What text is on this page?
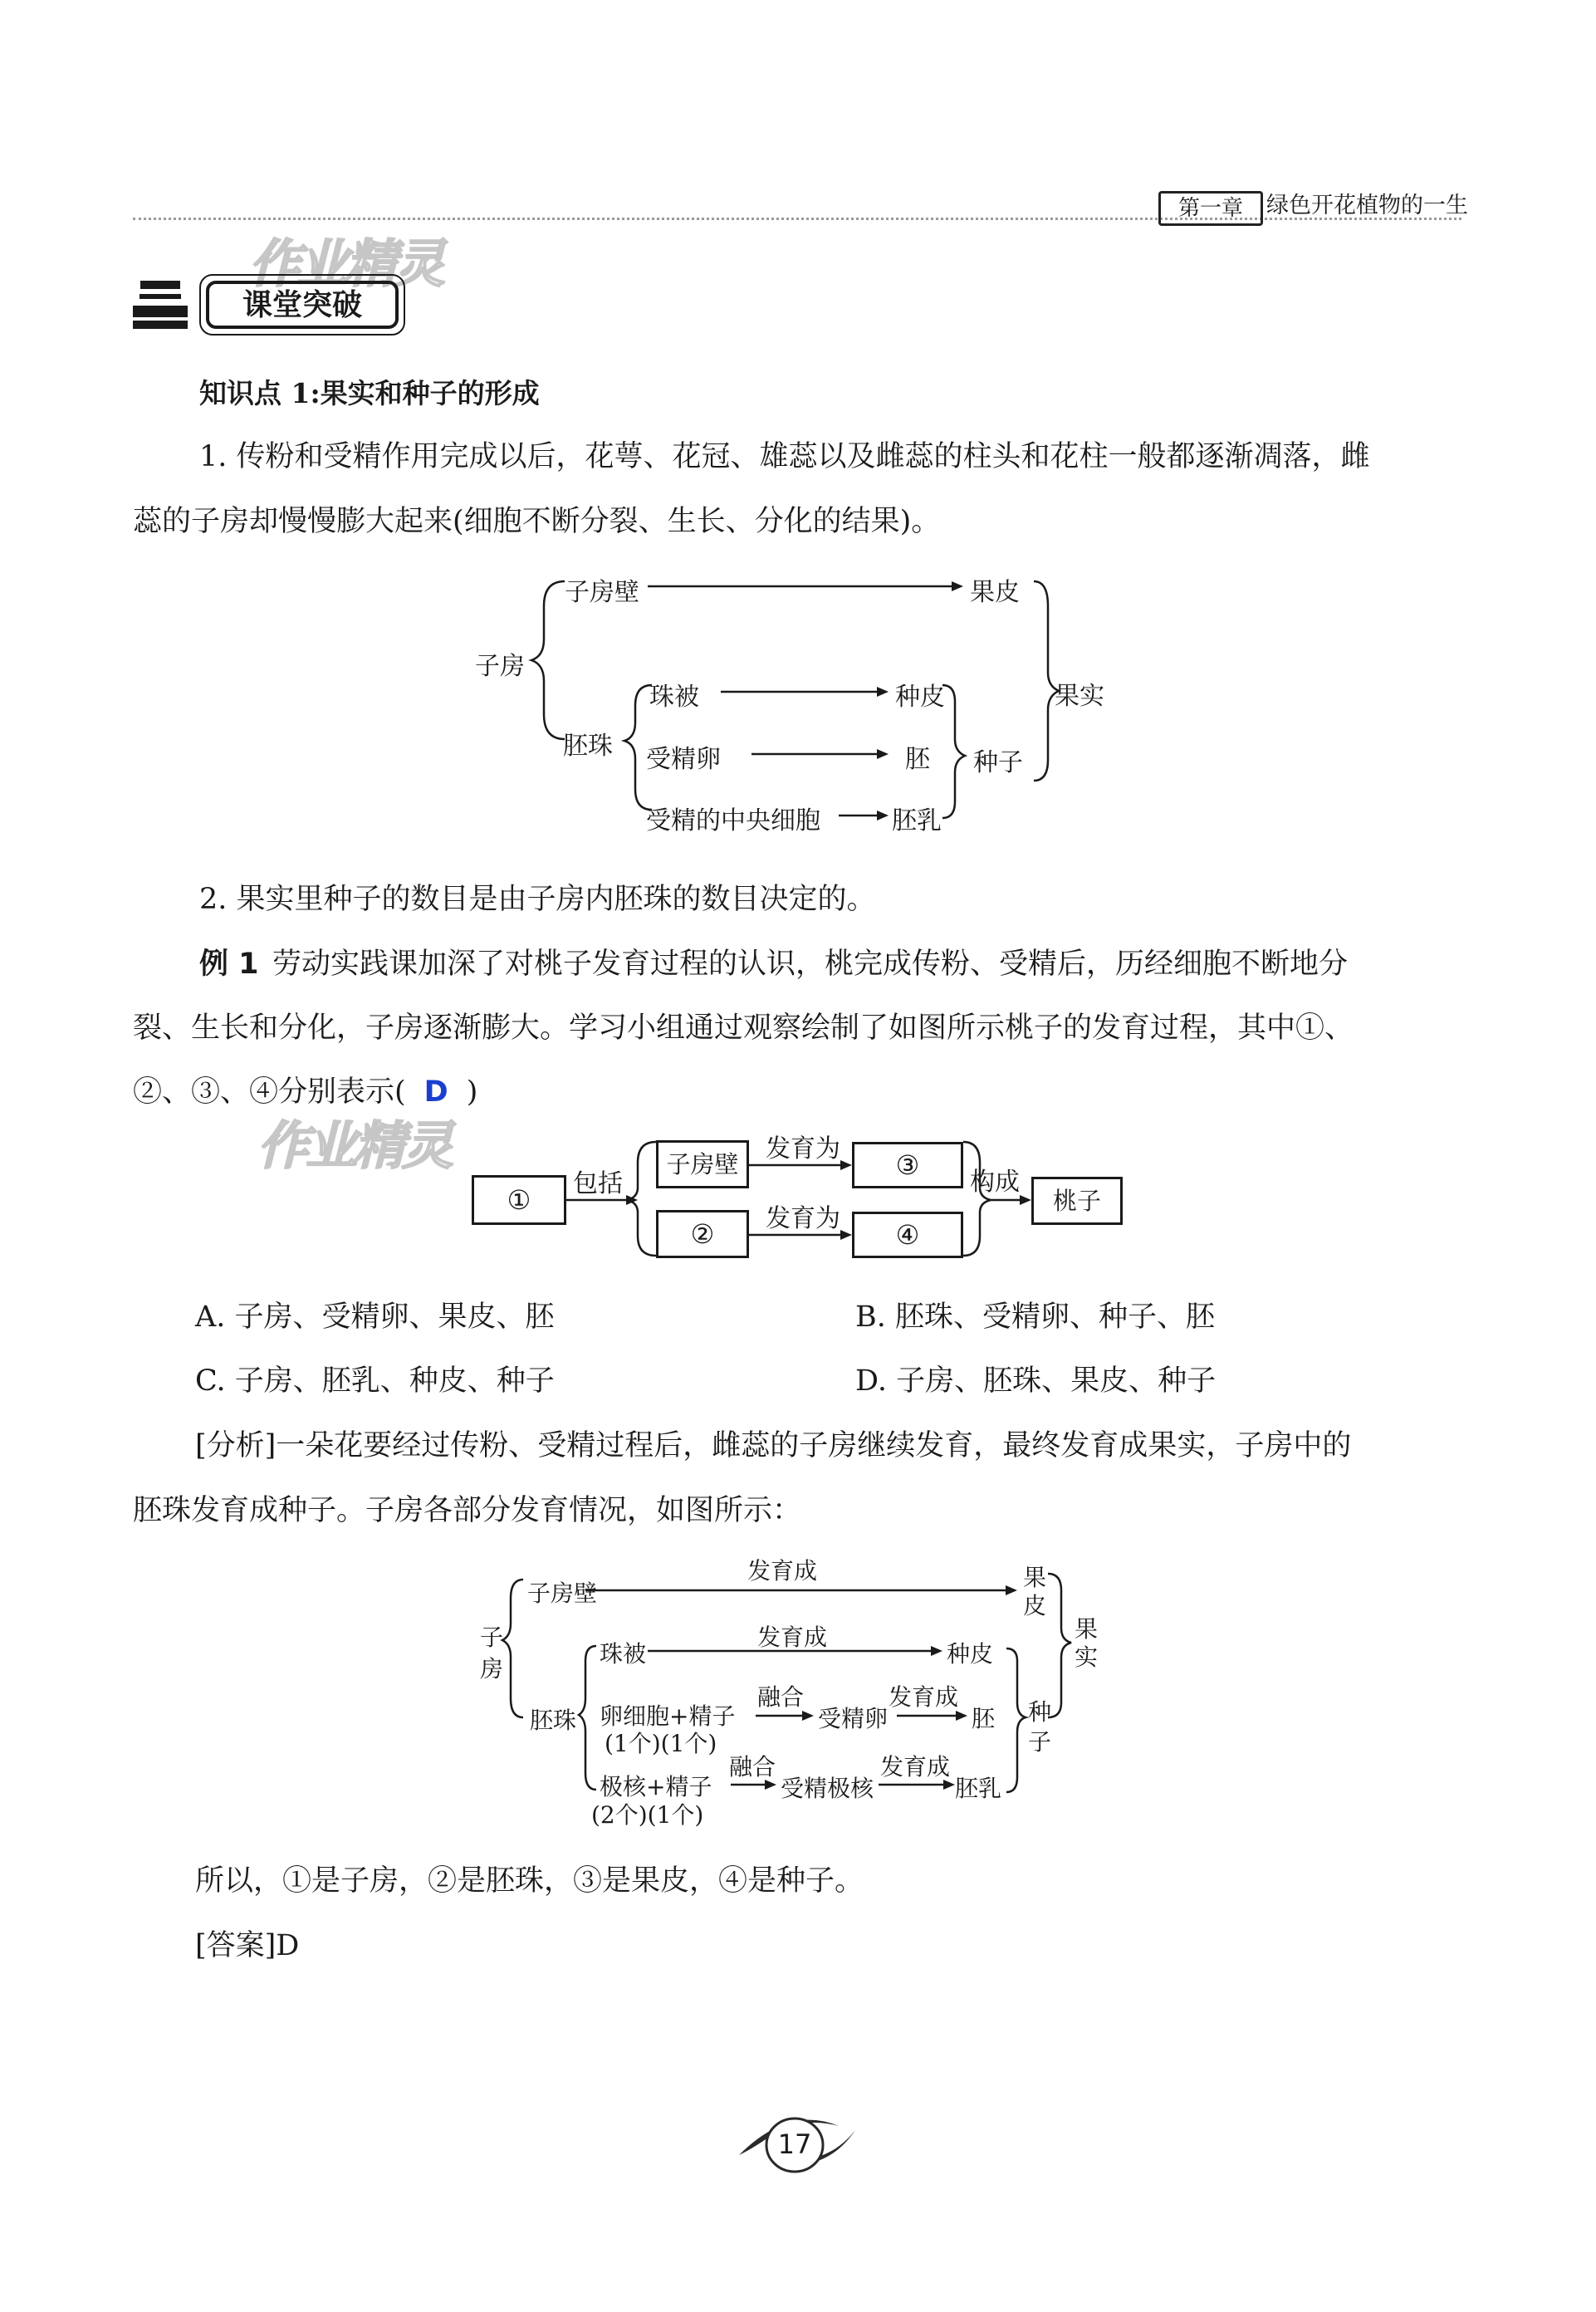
第一章	绿色开花植物的一生
作业精灵
作业精灵
课堂突破
知识点 1:果实和种子的形成
1. 传粉和受精作用完成以后，花萼、花冠、雄蕊以及雌蕊的柱头和花柱一般都逐渐凋落，雌
蕊的子房却慢慢膨大起来(细胞不断分裂、生长、分化的结果)。
子房
子房壁	果皮
果实
胚珠
珠被	种皮
受精卵	胚 种子
受精的中央细胞	胚乳
2. 果实里种子的数目是由子房内胚珠的数目决定的。
例 1 劳动实践课加深了对桃子发育过程的认识，桃完成传粉、受精后，历经细胞不断地分
裂、生长和分化，子房逐渐膨大。学习小组通过观察绘制了如图所示桃子的发育过程，其中①、
②、③、④分别表示( D )
①
包括
子房壁
②
发育为
发育为
③
④
构成
桃子
A. 子房、受精卵、果皮、胚	B. 胚珠、受精卵、种子、胚
C. 子房、胚乳、种皮、种子	D. 子房、胚珠、果皮、种子
[分析]一朵花要经过传粉、受精过程后，雌蕊的子房继续发育，最终发育成果实，子房中的
胚珠发育成种子。子房各部分发育情况，如图所示：
子
房
子房壁
发育成	果
皮
果
实
珠被
发育成
种皮
胚珠 卵细胞+精子
(1个)(1个)
融合
受精卵
发育成
胚 种
子
极核+精子
(2个)(1个)
融合
受精极核
发育成
胚乳
所以，①是子房，②是胚珠，③是果皮，④是种子。
[答案]D
17
